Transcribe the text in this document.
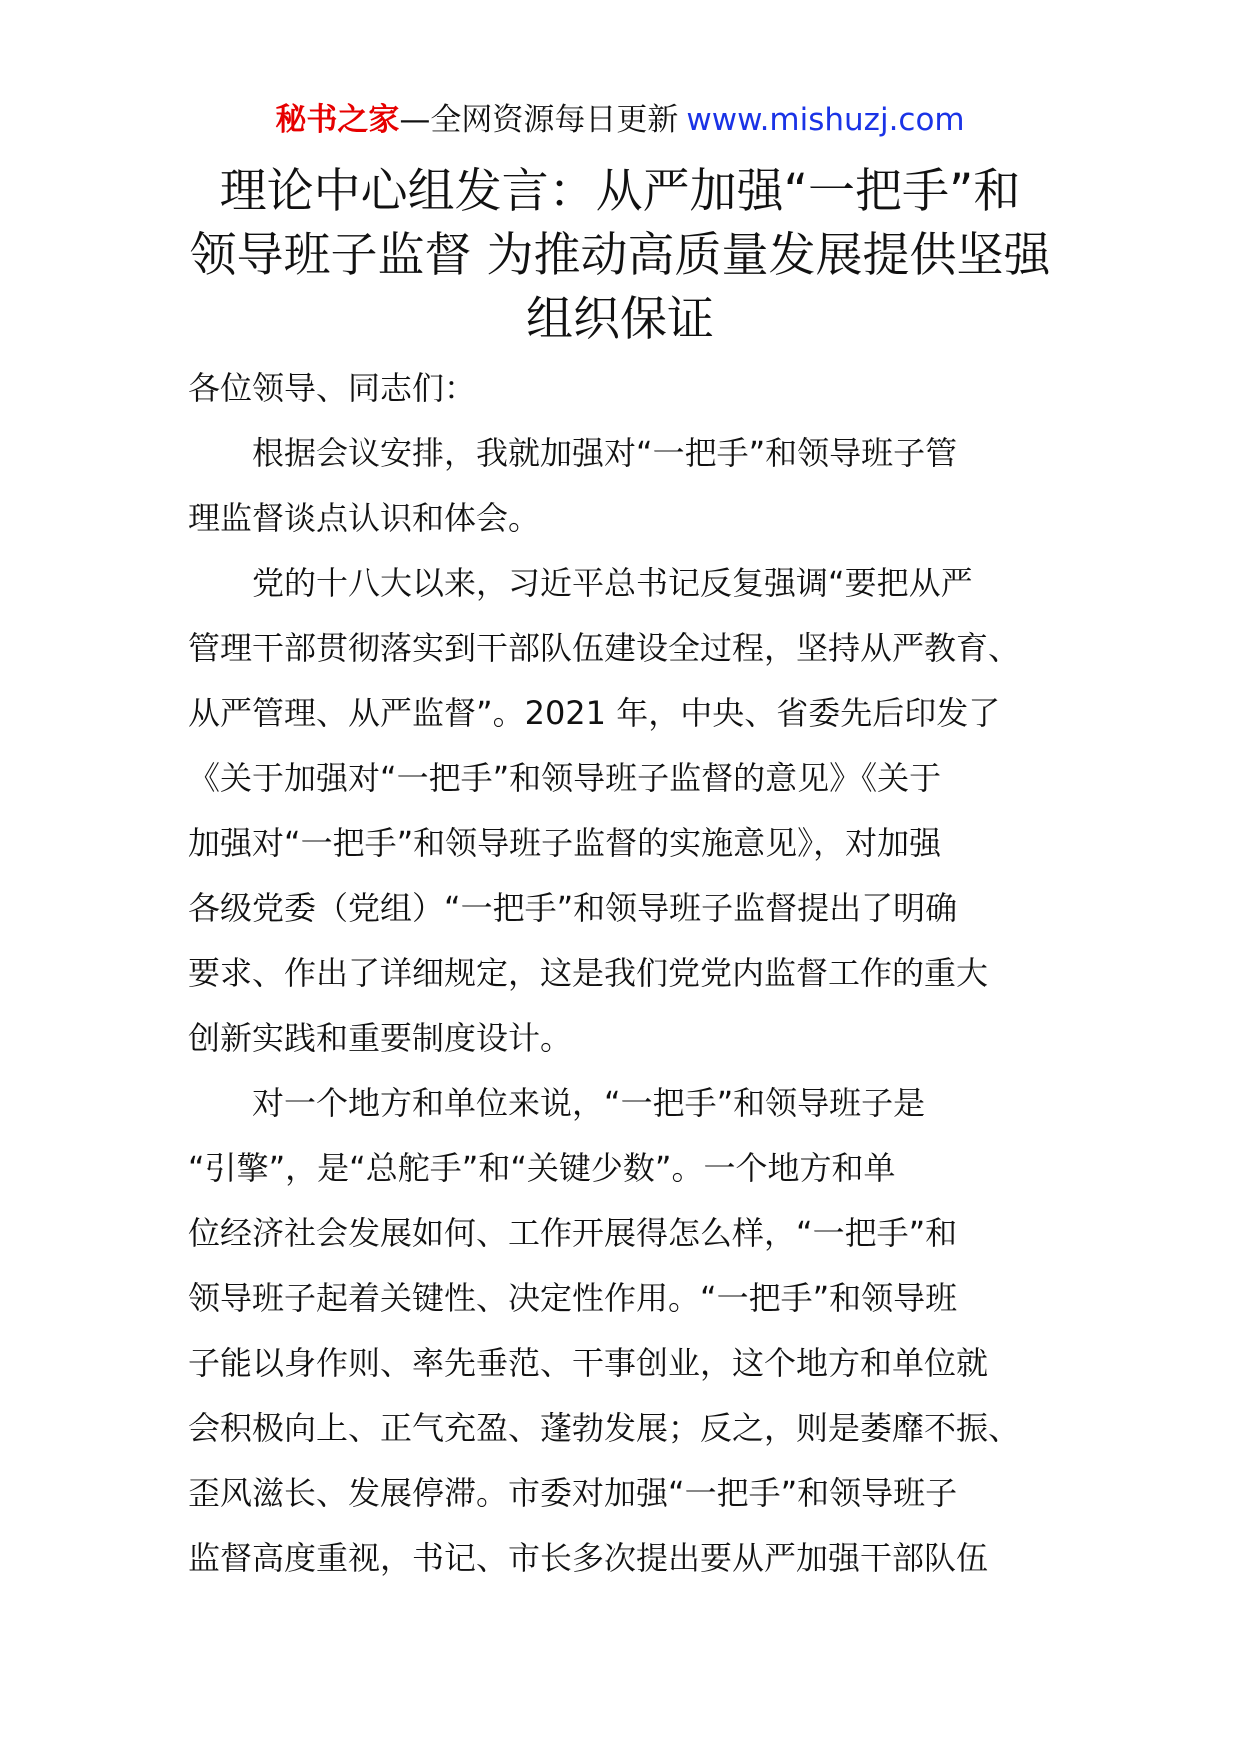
秘书之家—全网资源每日更新 www.mishuzj.com
理论中心组发言：从严加强“一把手”和
领导班子监督 为推动高质量发展提供坚强
组织保证

各位领导、同志们：

根据会议安排，我就加强对“一把手”和领导班子管
理监督谈点认识和体会。

党的十八大以来，习近平总书记反复强调“要把从严
管理干部贯彻落实到干部队伍建设全过程，坚持从严教育、
从严管理、从严监督”。2021 年，中央、省委先后印发了
《关于加强对“一把手”和领导班子监督的意见》《关于
加强对“一把手”和领导班子监督的实施意见》，对加强
各级党委（党组）“一把手”和领导班子监督提出了明确
要求、作出了详细规定，这是我们党党内监督工作的重大
创新实践和重要制度设计。

对一个地方和单位来说，“一把手”和领导班子是
“引擎”，是“总舵手”和“关键少数”。一个地方和单
位经济社会发展如何、工作开展得怎么样，“一把手”和
领导班子起着关键性、决定性作用。“一把手”和领导班
子能以身作则、率先垂范、干事创业，这个地方和单位就
会积极向上、正气充盈、蓬勃发展；反之，则是萎靡不振、
歪风滋长、发展停滞。市委对加强“一把手”和领导班子
监督高度重视，书记、市长多次提出要从严加强干部队伍
